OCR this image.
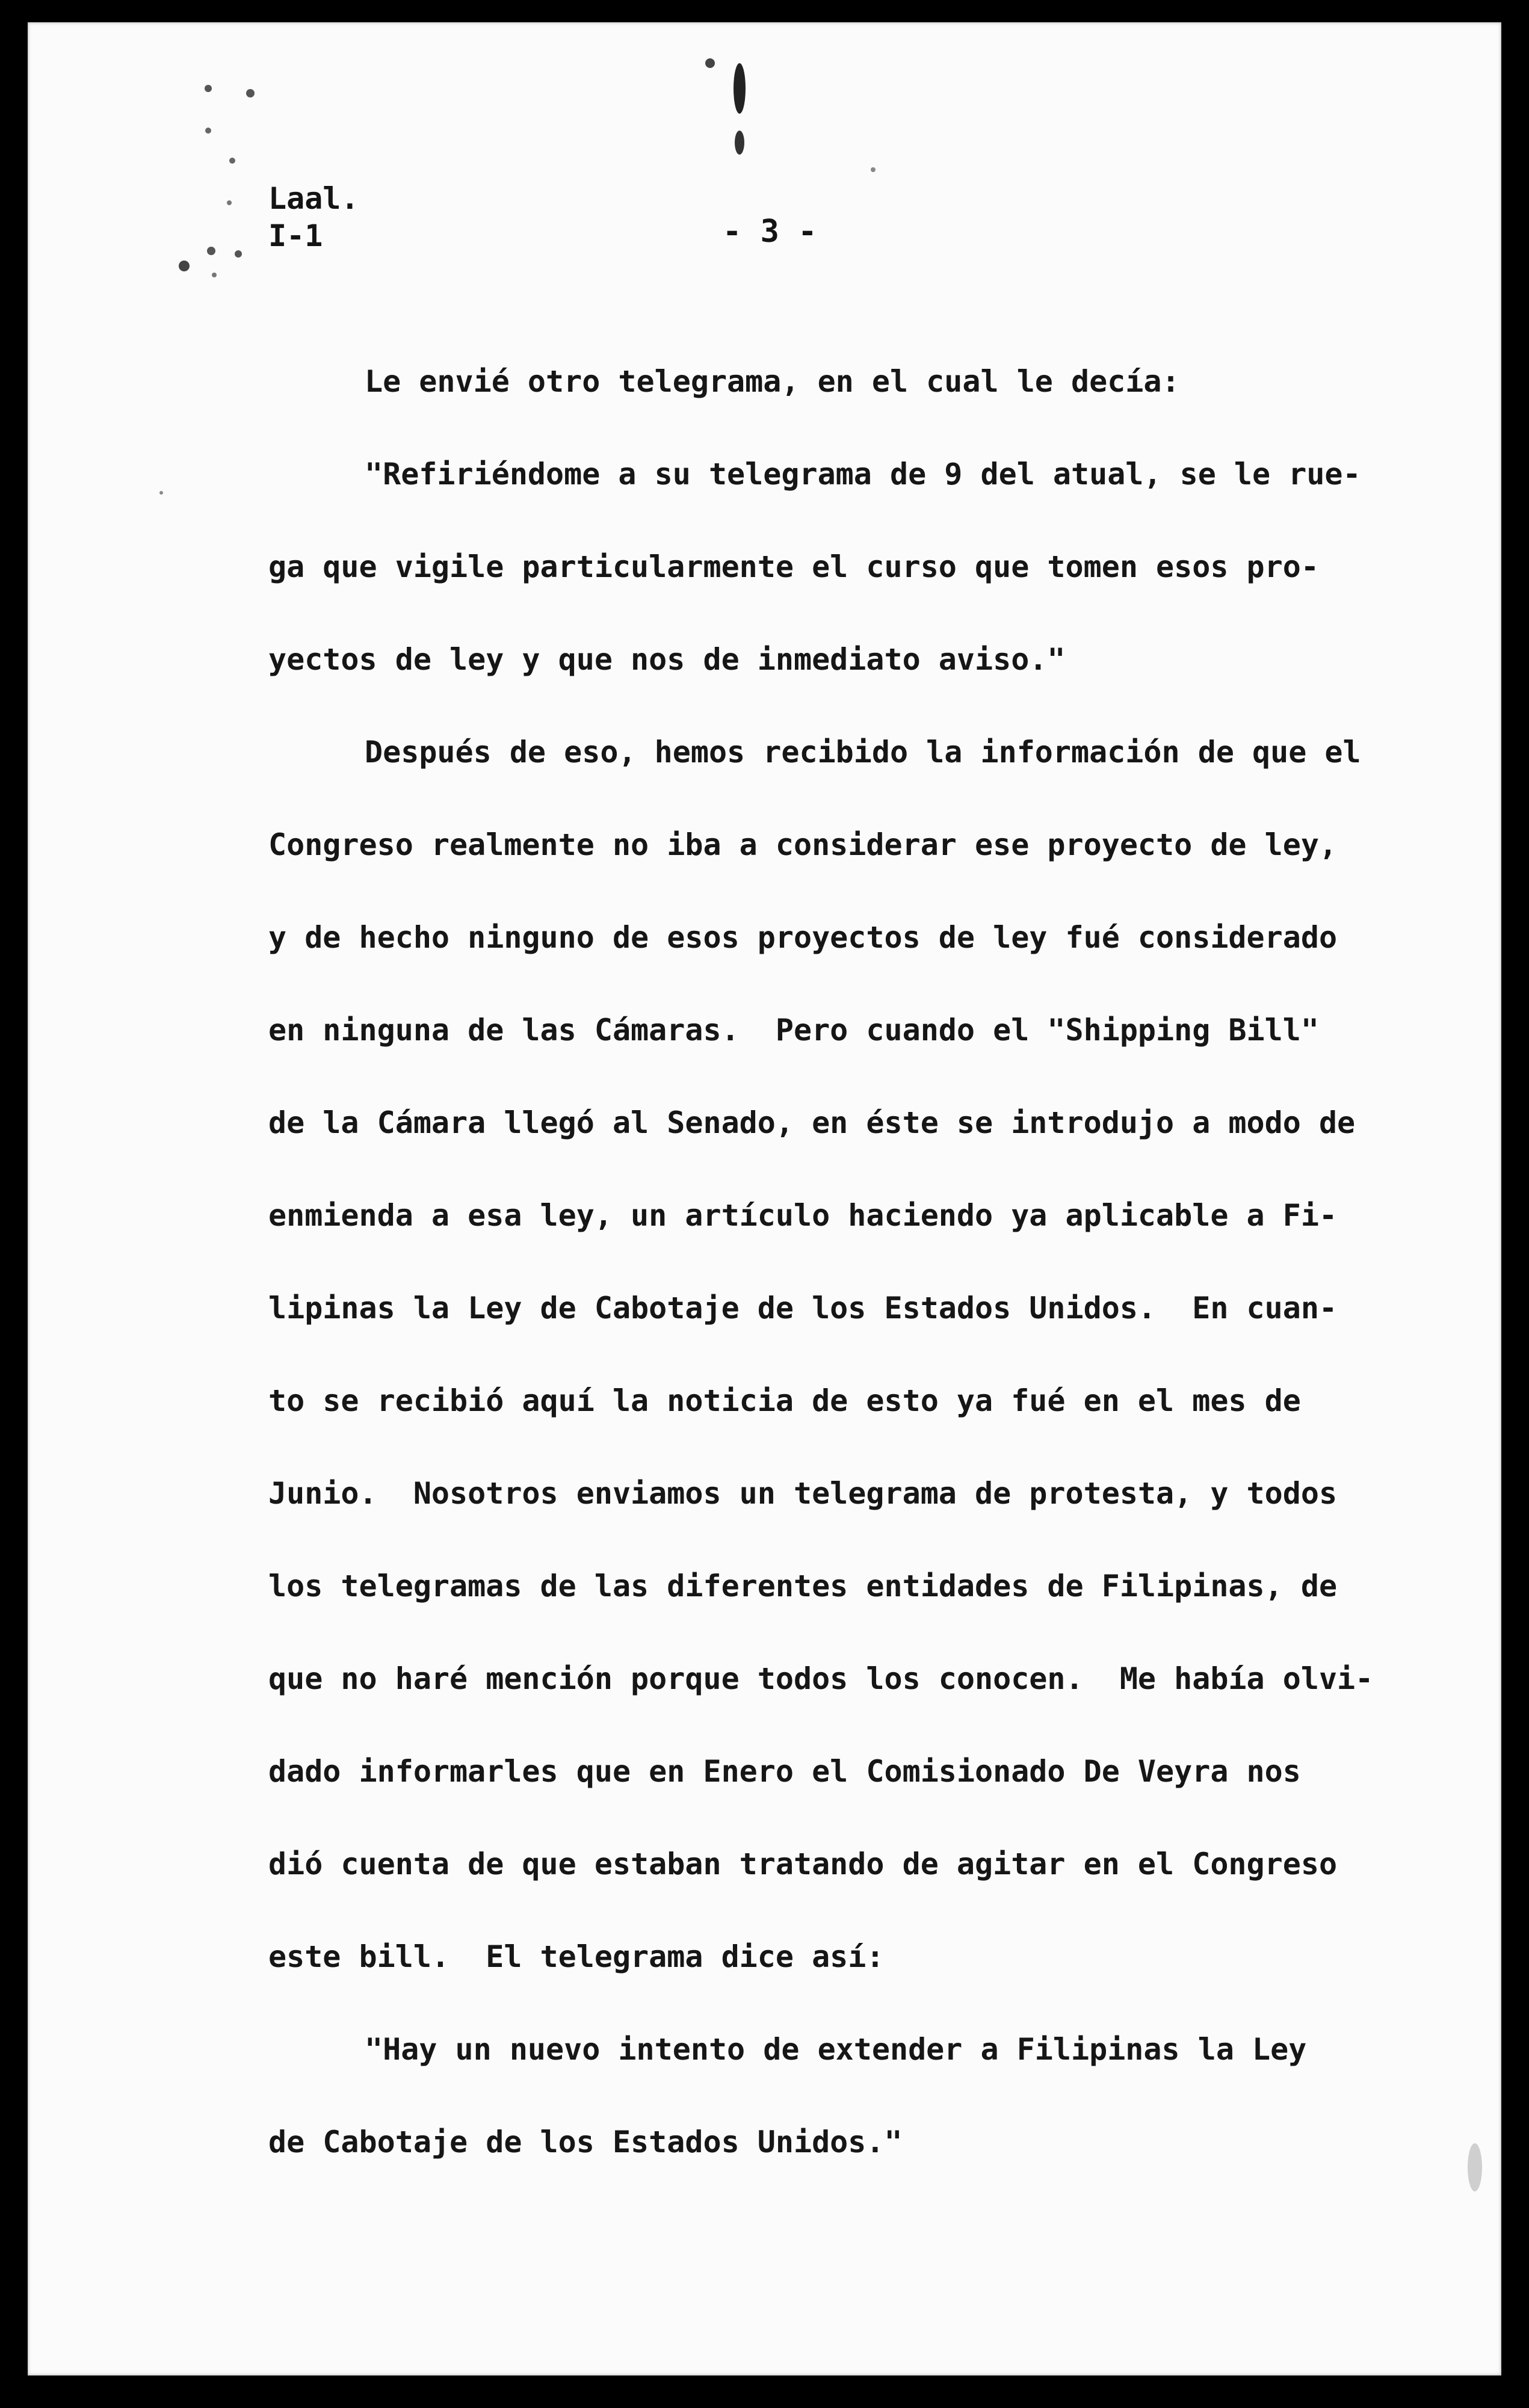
Laal.
I-1	- 3 -
Le envié otro telegrama, en el cual le decía:
"Refiriéndome a su telegrama de 9 del atual, se le rue-
ga que vigile particularmente el curso que tomen esos pro-
yectos de ley y que nos de inmediato aviso."
Después de eso, hemos recibido la información de que el
Congreso realmente no iba a considerar ese proyecto de ley,
y de hecho ninguno de esos proyectos de ley fué considerado
en ninguna de las Cámaras.  Pero cuando el "Shipping Bill"
de la Cámara llegó al Senado, en éste se introdujo a modo de
enmienda a esa ley, un artículo haciendo ya aplicable a Fi-
lipinas la Ley de Cabotaje de los Estados Unidos.  En cuan-
to se recibió aquí la noticia de esto ya fué en el mes de
Junio.  Nosotros enviamos un telegrama de protesta, y todos
los telegramas de las diferentes entidades de Filipinas, de
que no haré mención porque todos los conocen.  Me había olvi-
dado informarles que en Enero el Comisionado De Veyra nos
dió cuenta de que estaban tratando de agitar en el Congreso
este bill.  El telegrama dice así:
"Hay un nuevo intento de extender a Filipinas la Ley
de Cabotaje de los Estados Unidos."
